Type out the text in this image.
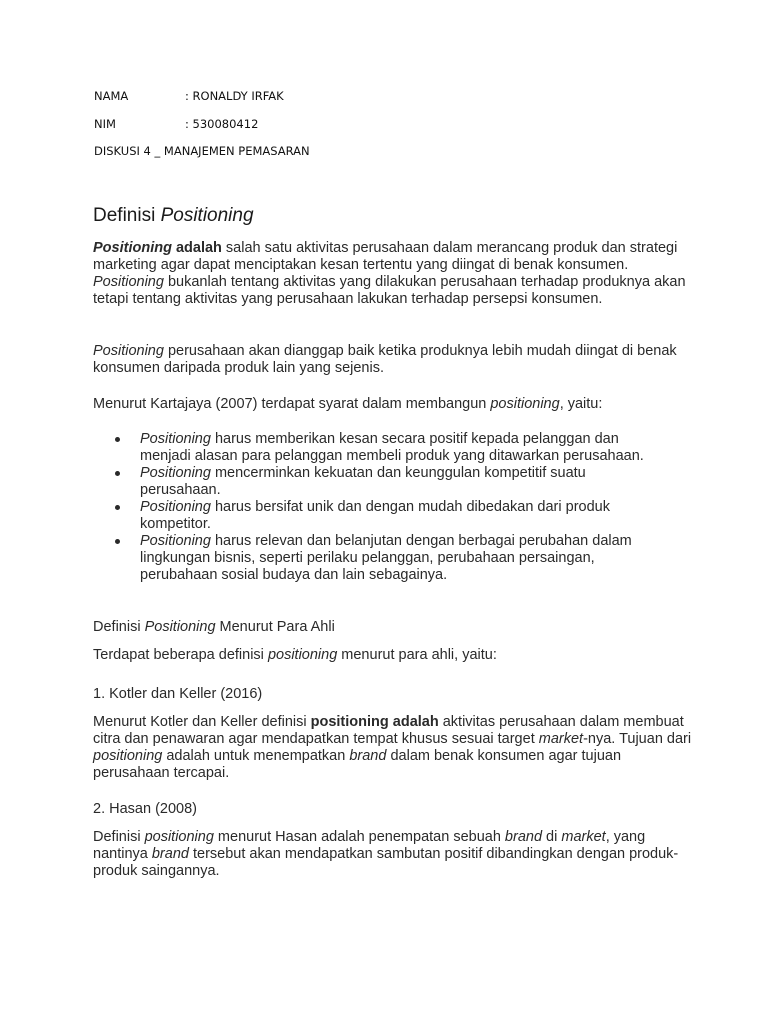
NAMA	: RONALDY IRFAK
NIM	: 530080412
DISKUSI 4 _ MANAJEMEN PEMASARAN
Definisi Positioning

Positioning adalah salah satu aktivitas perusahaan dalam merancang produk dan strategi marketing agar dapat menciptakan kesan tertentu yang diingat di benak konsumen. Positioning bukanlah tentang aktivitas yang dilakukan perusahaan terhadap produknya akan tetapi tentang aktivitas yang perusahaan lakukan terhadap persepsi konsumen.

Positioning perusahaan akan dianggap baik ketika produknya lebih mudah diingat di benak konsumen daripada produk lain yang sejenis.

Menurut Kartajaya (2007) terdapat syarat dalam membangun positioning, yaitu:

Positioning harus memberikan kesan secara positif kepada pelanggan dan menjadi alasan para pelanggan membeli produk yang ditawarkan perusahaan.
Positioning mencerminkan kekuatan dan keunggulan kompetitif suatu perusahaan.
Positioning harus bersifat unik dan dengan mudah dibedakan dari produk kompetitor.
Positioning harus relevan dan belanjutan dengan berbagai perubahan dalam lingkungan bisnis, seperti perilaku pelanggan, perubahaan persaingan, perubahaan sosial budaya dan lain sebagainya.

Definisi Positioning Menurut Para Ahli

Terdapat beberapa definisi positioning menurut para ahli, yaitu:

1. Kotler dan Keller (2016)

Menurut Kotler dan Keller definisi positioning adalah aktivitas perusahaan dalam membuat citra dan penawaran agar mendapatkan tempat khusus sesuai target market-nya. Tujuan dari positioning adalah untuk menempatkan brand dalam benak konsumen agar tujuan perusahaan tercapai.

2. Hasan (2008)

Definisi positioning menurut Hasan adalah penempatan sebuah brand di market, yang nantinya brand tersebut akan mendapatkan sambutan positif dibandingkan dengan produk-produk saingannya.
